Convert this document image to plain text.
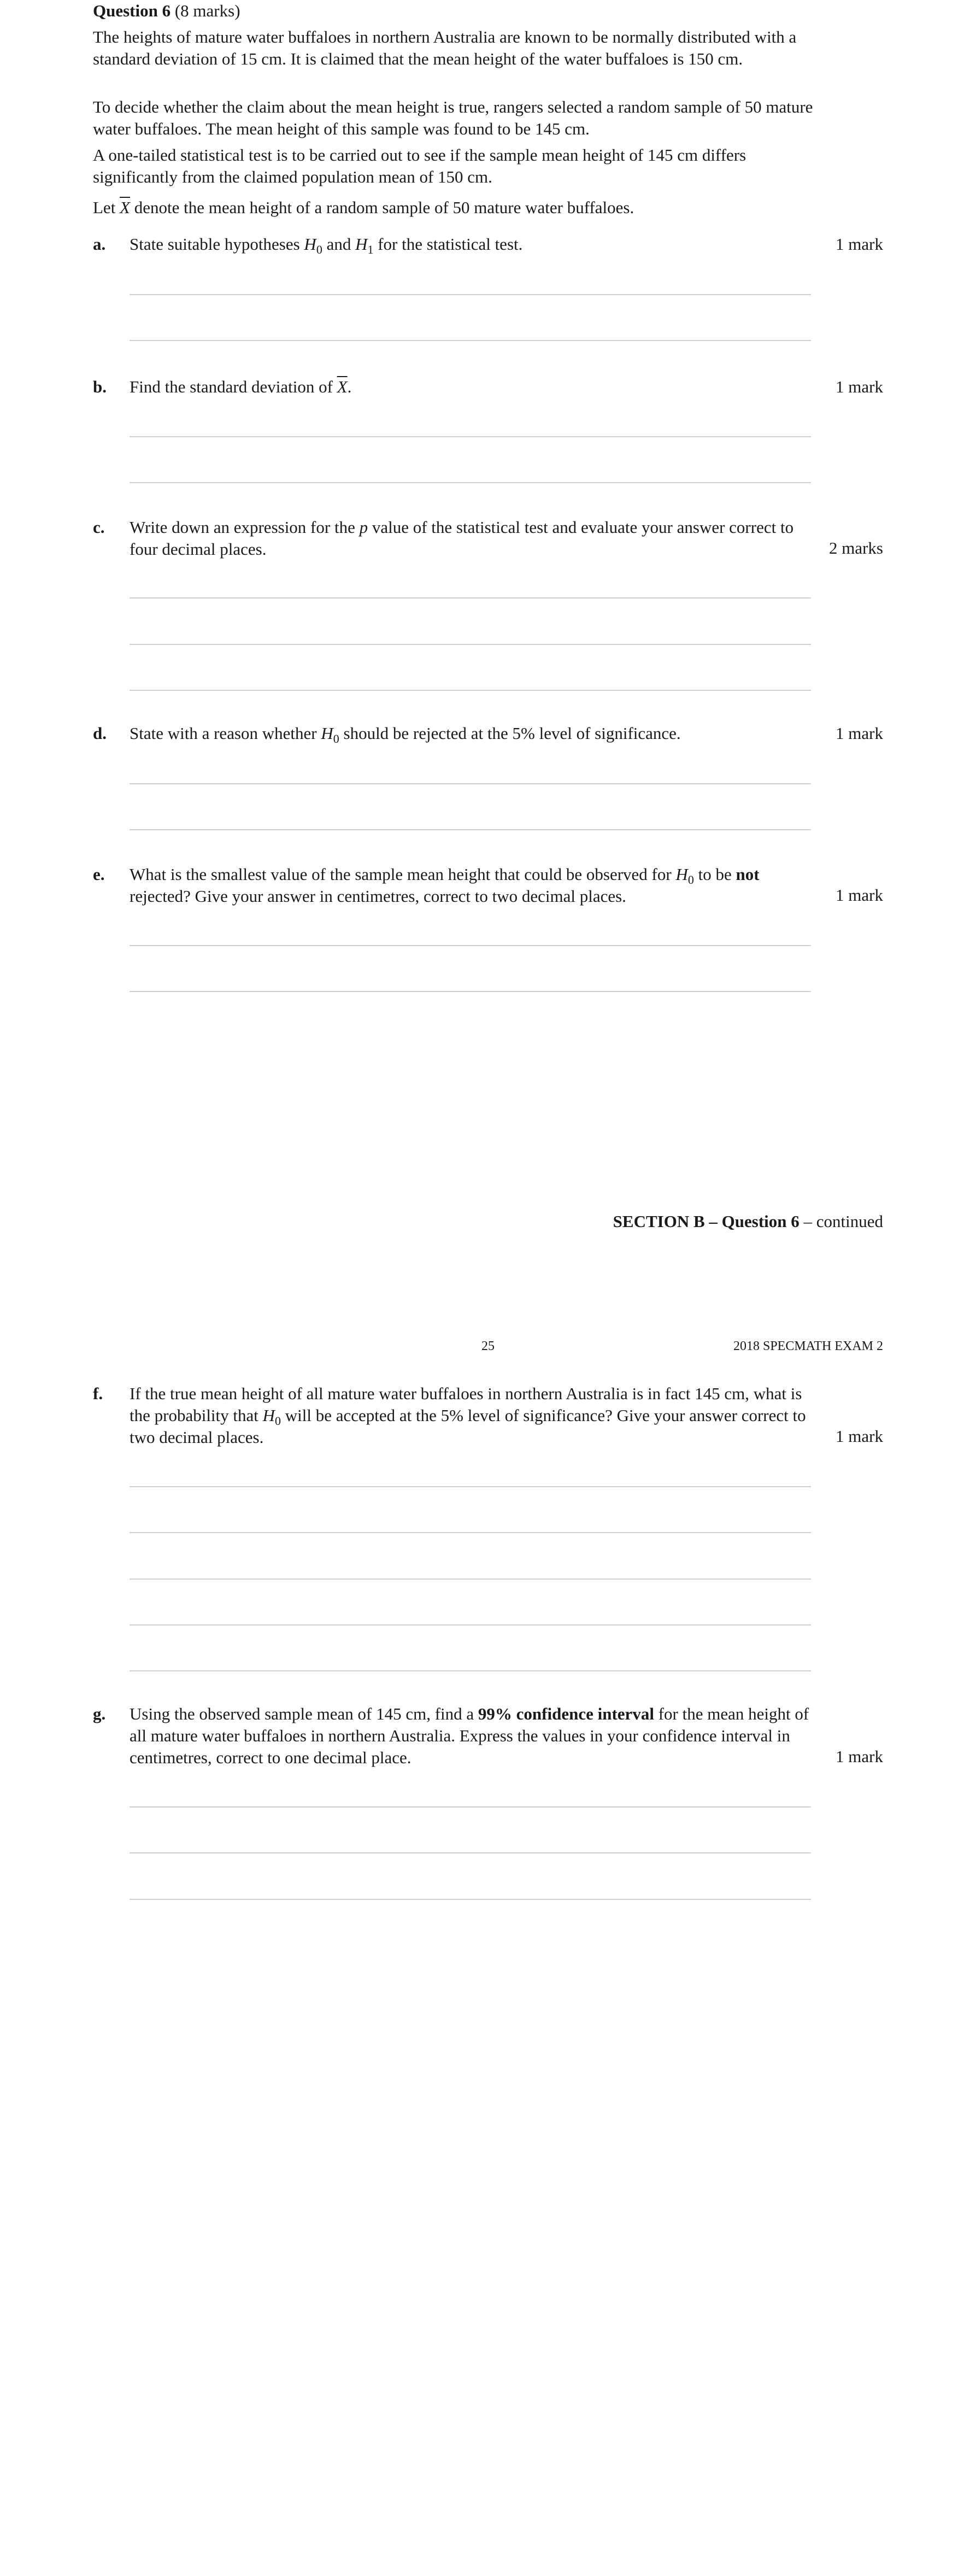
Question 6 (8 marks)

The heights of mature water buffaloes in northern Australia are known to be normally distributed with a standard deviation of 15 cm. It is claimed that the mean height of the water buffaloes is 150 cm.

To decide whether the claim about the mean height is true, rangers selected a random sample of 50 mature water buffaloes. The mean height of this sample was found to be 145 cm.

A one-tailed statistical test is to be carried out to see if the sample mean height of 145 cm differs significantly from the claimed population mean of 150 cm.

Let $\overline{X}$ denote the mean height of a random sample of 50 mature water buffaloes.

a. State suitable hypotheses $H_0$ and $H_1$ for the statistical test.	1 mark
b. Find the standard deviation of $\overline{X}$.	1 mark
c. Write down an expression for the p value of the statistical test and evaluate your answer correct to four decimal places.	2 marks
d. State with a reason whether $H_0$ should be rejected at the 5% level of significance.	1 mark
e. What is the smallest value of the sample mean height that could be observed for $H_0$ to be not rejected? Give your answer in centimetres, correct to two decimal places.	1 mark
SECTION B – Question 6 – continued
25	2018 SPECMATH EXAM 2
f. If the true mean height of all mature water buffaloes in northern Australia is in fact 145 cm, what is the probability that $H_0$ will be accepted at the 5% level of significance? Give your answer correct to two decimal places.	1 mark
g. Using the observed sample mean of 145 cm, find a 99% confidence interval for the mean height of all mature water buffaloes in northern Australia. Express the values in your confidence interval in centimetres, correct to one decimal place.	1 mark
